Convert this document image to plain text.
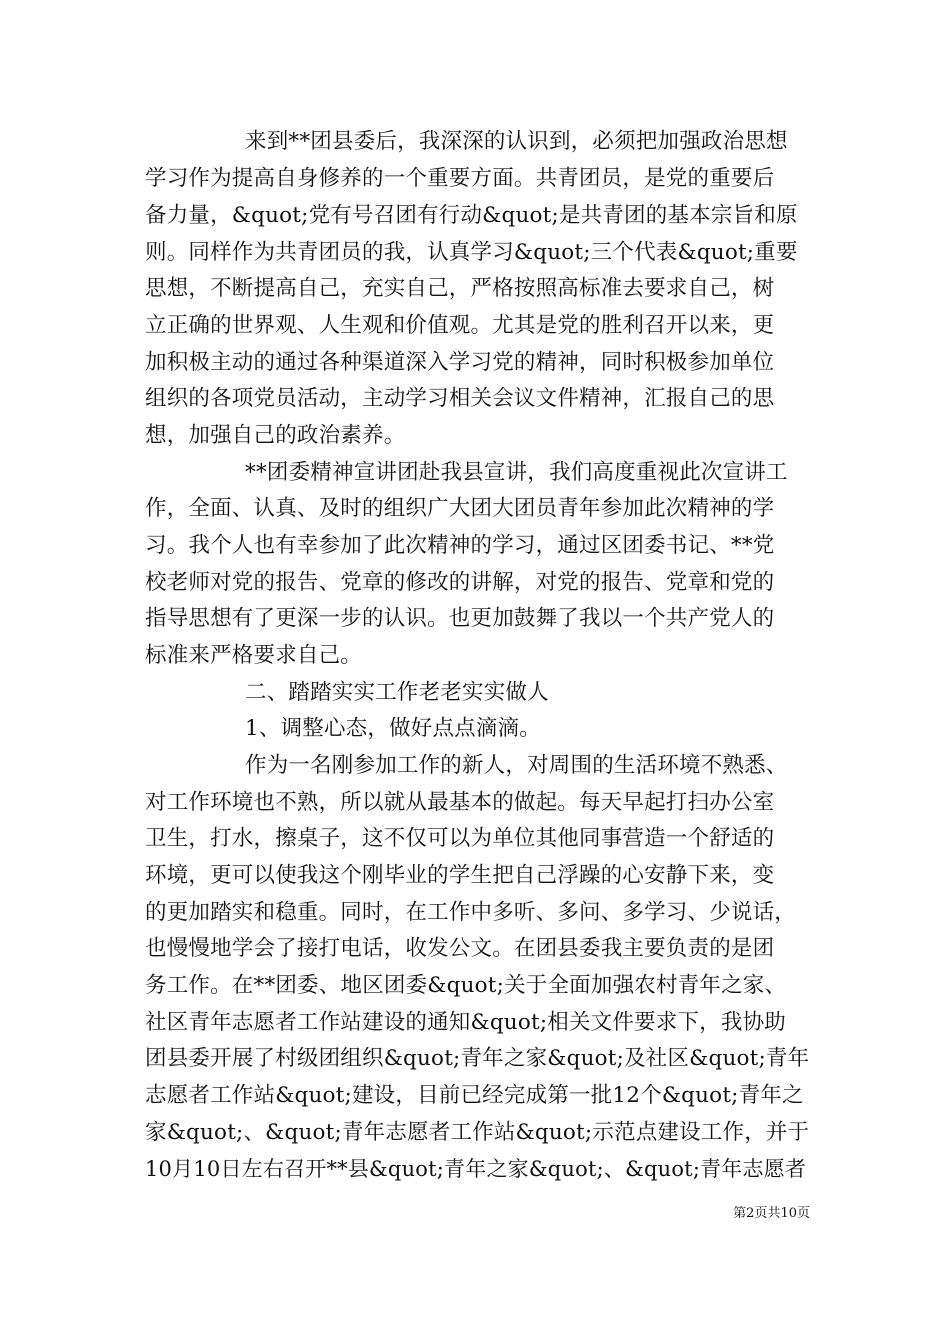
来到**团县委后，我深深的认识到，必须把加强政治思想
学习作为提高自身修养的一个重要方面。共青团员，是党的重要后
备力量，&quot;党有号召团有行动&quot;是共青团的基本宗旨和原
则。同样作为共青团员的我，认真学习&quot;三个代表&quot;重要
思想，不断提高自己，充实自己，严格按照高标准去要求自己，树
立正确的世界观、人生观和价值观。尤其是党的胜利召开以来，更
加积极主动的通过各种渠道深入学习党的精神，同时积极参加单位
组织的各项党员活动，主动学习相关会议文件精神，汇报自己的思
想，加强自己的政治素养。
**团委精神宣讲团赴我县宣讲，我们高度重视此次宣讲工
作，全面、认真、及时的组织广大团大团员青年参加此次精神的学
习。我个人也有幸参加了此次精神的学习，通过区团委书记、**党
校老师对党的报告、党章的修改的讲解，对党的报告、党章和党的
指导思想有了更深一步的认识。也更加鼓舞了我以一个共产党人的
标准来严格要求自己。
二、踏踏实实工作老老实实做人
1、调整心态，做好点点滴滴。
作为一名刚参加工作的新人，对周围的生活环境不熟悉、
对工作环境也不熟，所以就从最基本的做起。每天早起打扫办公室
卫生，打水，擦桌子，这不仅可以为单位其他同事营造一个舒适的
环境，更可以使我这个刚毕业的学生把自己浮躁的心安静下来，变
的更加踏实和稳重。同时，在工作中多听、多问、多学习、少说话，
也慢慢地学会了接打电话，收发公文。在团县委我主要负责的是团
务工作。在**团委、地区团委&quot;关于全面加强农村青年之家、
社区青年志愿者工作站建设的通知&quot;相关文件要求下，我协助
团县委开展了村级团组织&quot;青年之家&quot;及社区&quot;青年
志愿者工作站&quot;建设，目前已经完成第一批12个&quot;青年之
家&quot;、&quot;青年志愿者工作站&quot;示范点建设工作，并于
10月10日左右召开**县&quot;青年之家&quot;、&quot;青年志愿者
第2页共10页
